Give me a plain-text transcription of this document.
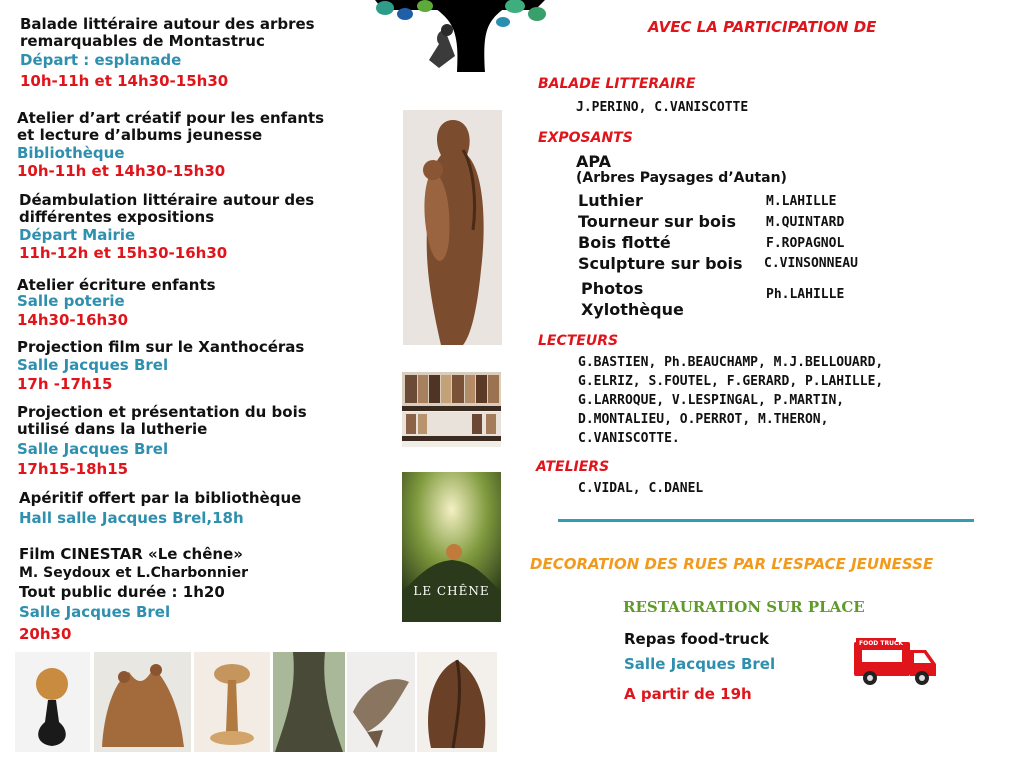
Balade littéraire autour des arbres
remarquables de Montastruc
Départ : esplanade
10h-11h et 14h30-15h30
Atelier d’art créatif pour les enfants
et lecture d’albums jeunesse
Bibliothèque
10h-11h et 14h30-15h30
Déambulation littéraire autour des
différentes expositions
Départ Mairie
11h-12h et 15h30-16h30
Atelier écriture enfants
Salle poterie
14h30-16h30
Projection film sur le Xanthocéras
Salle Jacques Brel
17h -17h15
Projection et présentation du bois
utilisé dans la lutherie
Salle Jacques Brel
17h15-18h15
Apéritif offert par la bibliothèque
Hall salle Jacques Brel,18h
Film CINESTAR «Le chêne»
M. Seydoux et L.Charbonnier
Tout public durée : 1h20
Salle Jacques Brel
20h30
LE CHÊNE
AVEC LA PARTICIPATION DE
BALADE LITTERAIRE
J.PERINO, C.VANISCOTTE
EXPOSANTS
APA
(Arbres Paysages d’Autan)
Luthier	M.LAHILLE
Tourneur sur bois M.QUINTARD
Bois flotté	F.ROPAGNOL
Sculpture sur bois C.VINSONNEAU
Photos
Xylothèque
Ph.LAHILLE
LECTEURS
G.BASTIEN, Ph.BEAUCHAMP, M.J.BELLOUARD,
G.ELRIZ, S.FOUTEL, F.GERARD, P.LAHILLE,
G.LARROQUE, V.LESPINGAL, P.MARTIN,
D.MONTALIEU, O.PERROT, M.THERON,
C.VANISCOTTE.
ATELIERS
C.VIDAL, C.DANEL
DECORATION DES RUES PAR L’ESPACE JEUNESSE
RESTAURATION SUR PLACE
Repas food-truck
Salle Jacques Brel
A partir de 19h
FOOD TRUCK
